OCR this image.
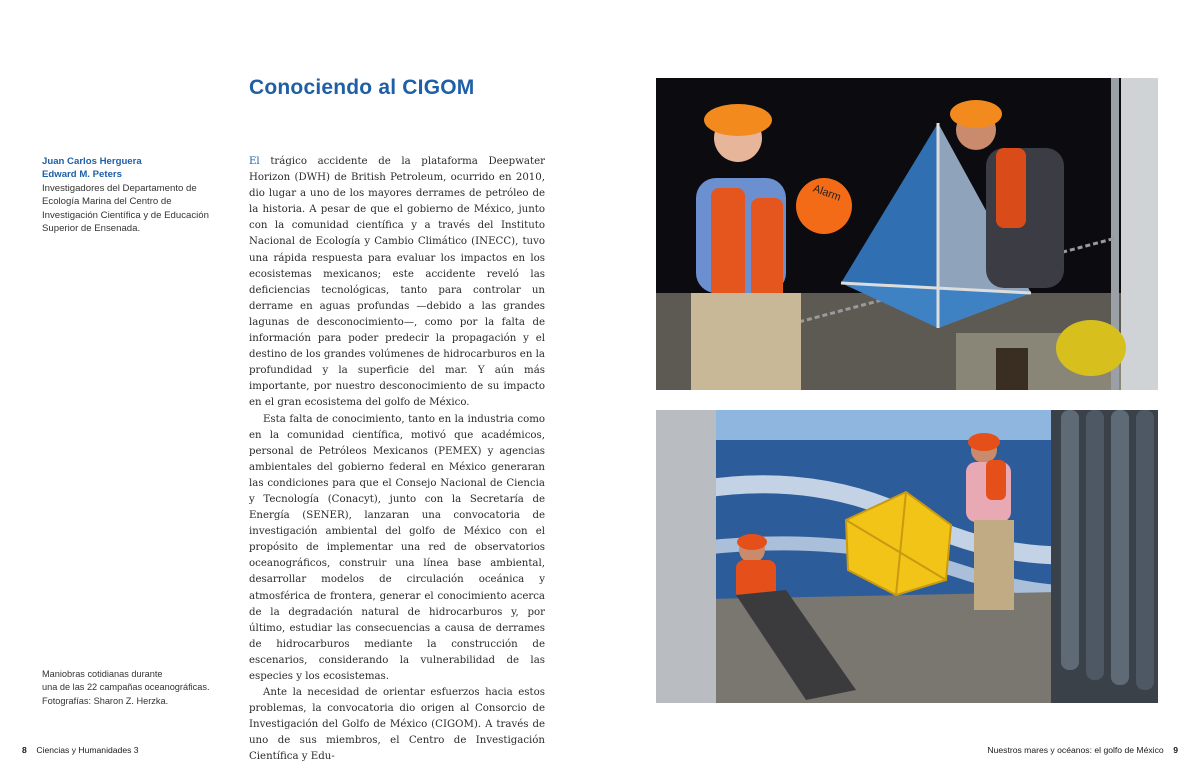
Conociendo al CIGOM
Juan Carlos Herguera
Edward M. Peters
Investigadores del Departamento de Ecología Marina del Centro de Investigación Científica y de Educación Superior de Ensenada.

El trágico accidente de la plataforma Deepwater Horizon (DWH) de British Petroleum, ocurrido en 2010, dio lugar a uno de los mayores derrames de petróleo de la historia. A pesar de que el gobierno de México, junto con la comunidad científica y a través del Instituto Nacional de Ecología y Cambio Climático (INECC), tuvo una rápida respuesta para evaluar los impactos en los ecosistemas mexicanos; este accidente reveló las deficiencias tecnológicas, tanto para controlar un derrame en aguas profundas —debido a las grandes lagunas de desconocimiento—, como por la falta de información para poder predecir la propagación y el destino de los grandes volúmenes de hidrocarburos en la profundidad y la superficie del mar. Y aún más importante, por nuestro desconocimiento de su impacto en el gran ecosistema del golfo de México.

Esta falta de conocimiento, tanto en la industria como en la comunidad científica, motivó que académicos, personal de Petróleos Mexicanos (PEMEX) y agencias ambientales del gobierno federal en México generaran las condiciones para que el Consejo Nacional de Ciencia y Tecnología (Conacyt), junto con la Secretaría de Energía (SENER), lanzaran una convocatoria de investigación ambiental del golfo de México con el propósito de implementar una red de observatorios oceanográficos, construir una línea base ambiental, desarrollar modelos de circulación oceánica y atmosférica de frontera, generar el conocimiento acerca de la degradación natural de hidrocarburos y, por último, estudiar las consecuencias a causa de derrames de hidrocarburos mediante la construcción de escenarios, considerando la vulnerabilidad de las especies y los ecosistemas.

Ante la necesidad de orientar esfuerzos hacia estos problemas, la convocatoria dio origen al Consorcio de Investigación del Golfo de México (CIGOM). A través de uno de sus miembros, el Centro de Investigación Científica y Edu-

Maniobras cotidianas durante
una de las 22 campañas oceanográficas.
Fotografías: Sharon Z. Herzka.
Alarm
8 Ciencias y Humanidades 3	Nuestros mares y océanos: el golfo de México 9
